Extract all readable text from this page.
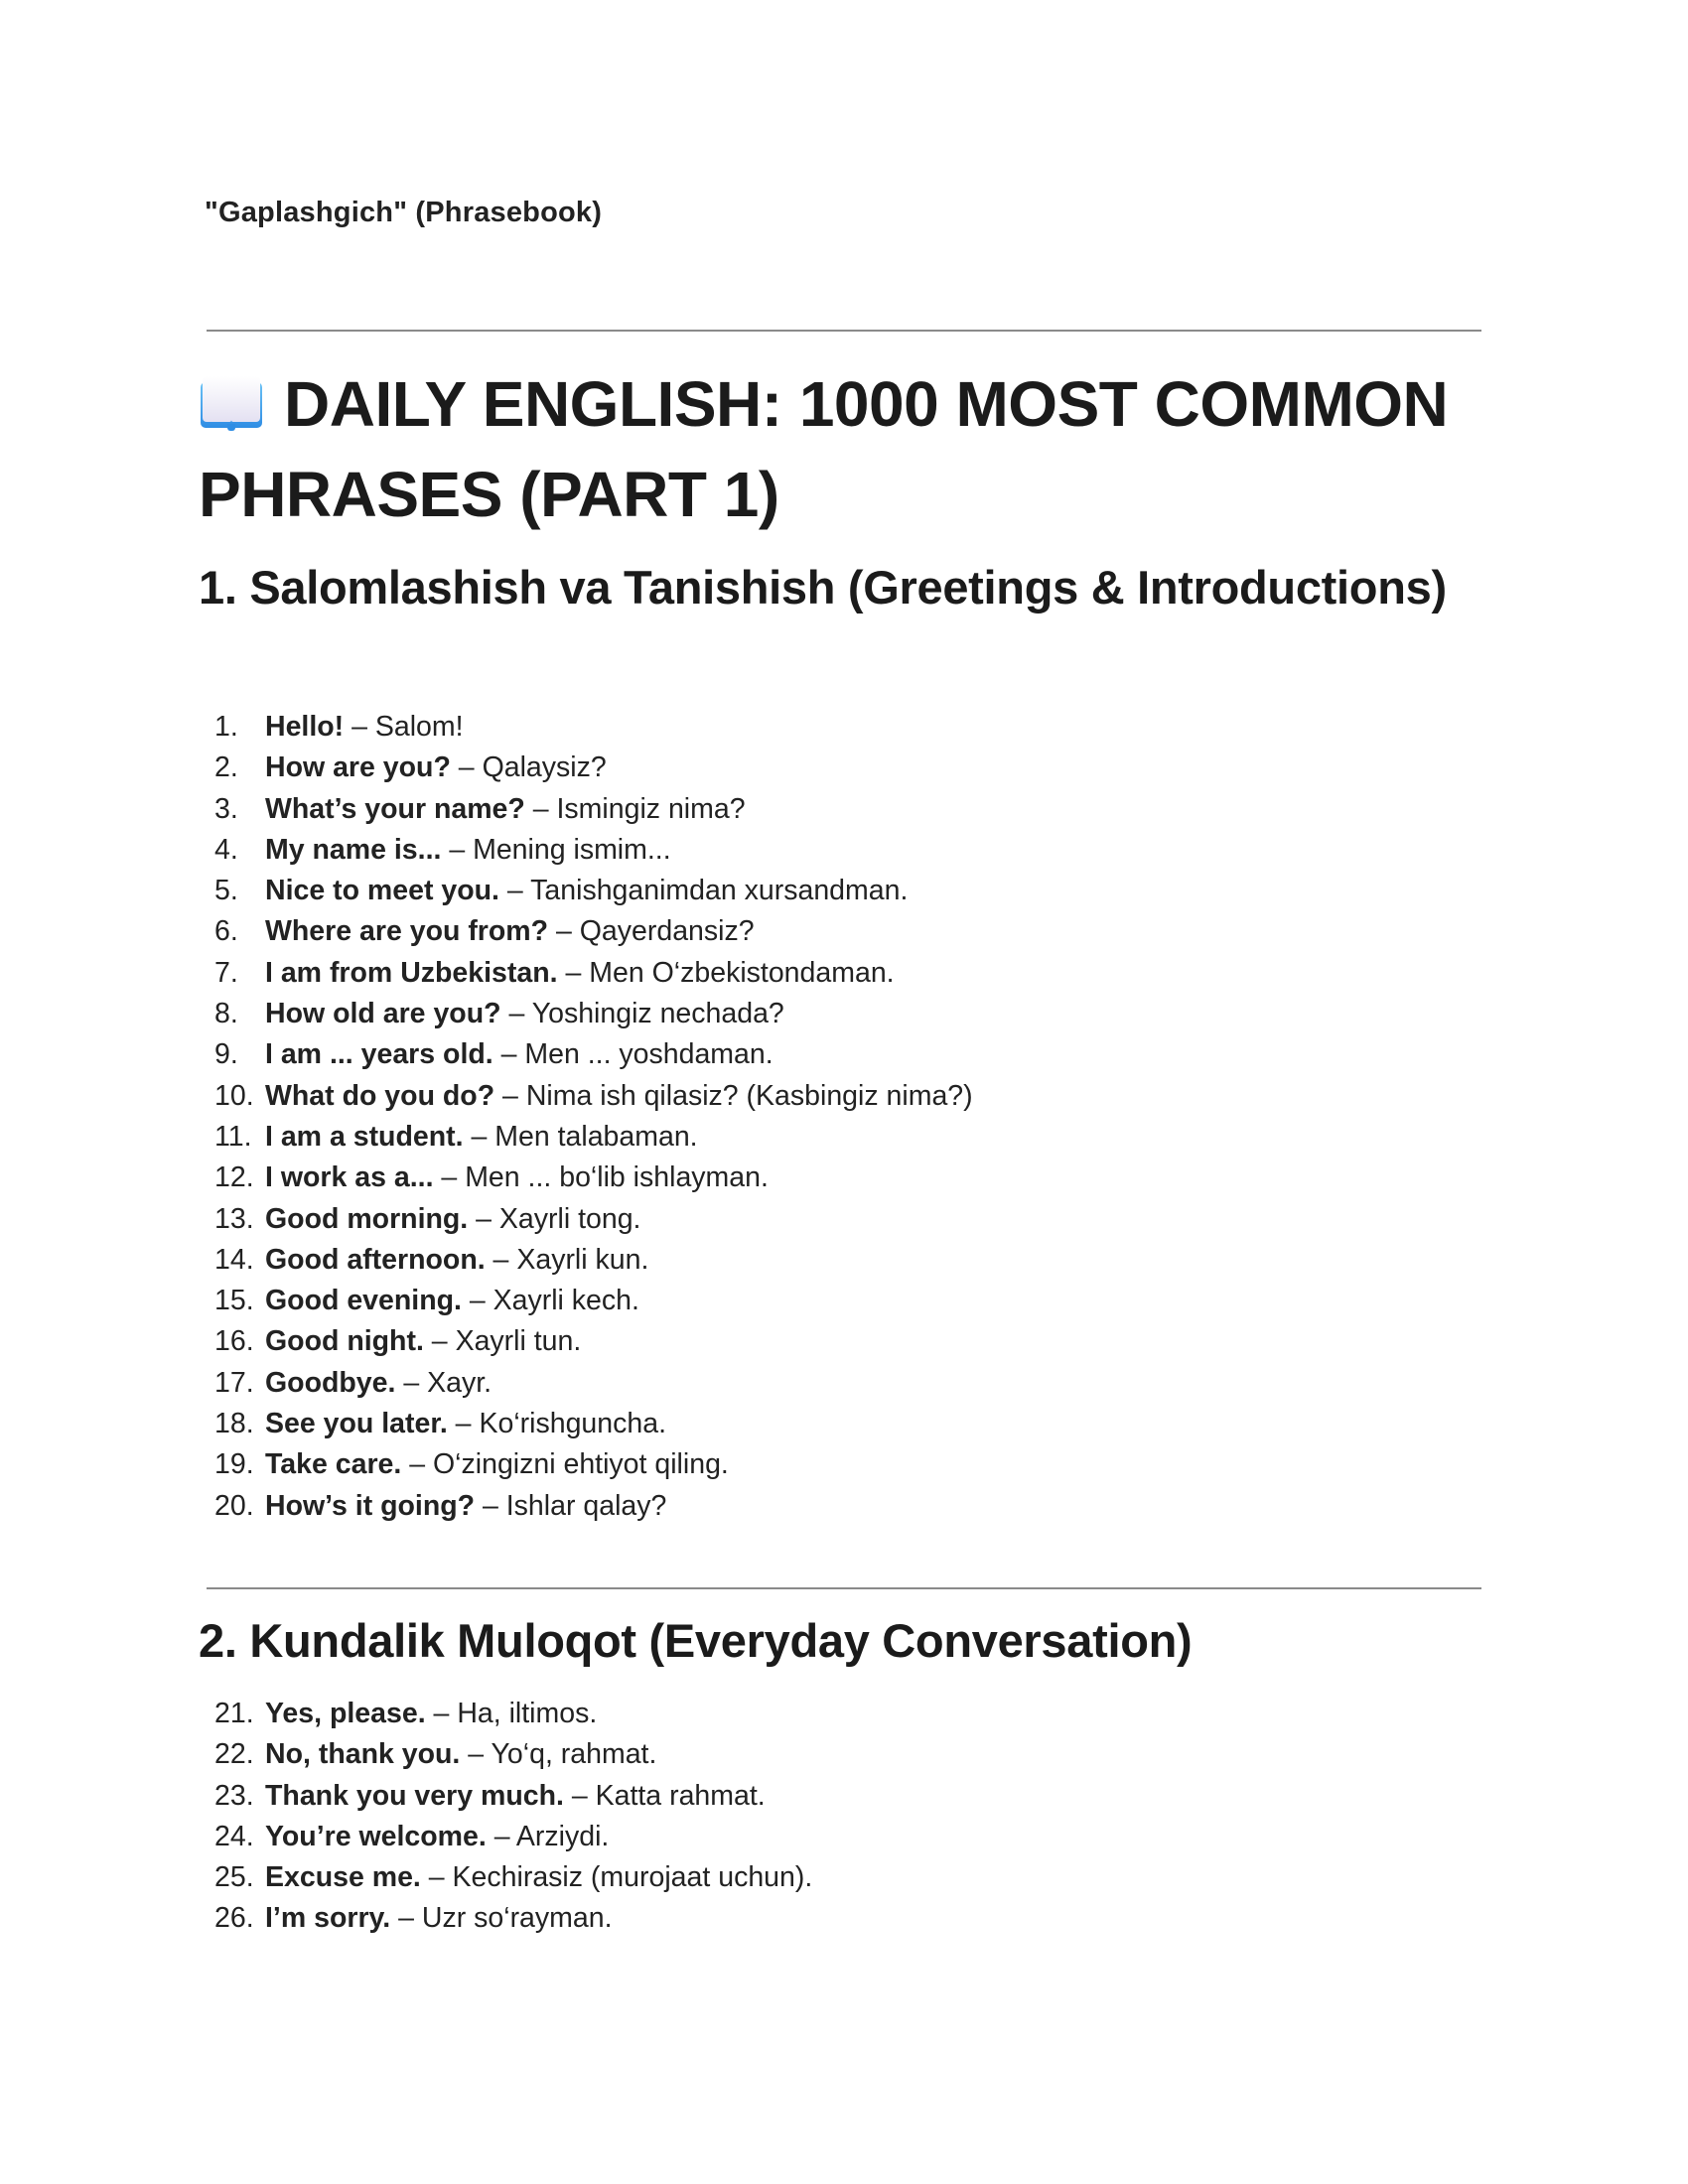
"Gaplashgich" (Phrasebook)
DAILY ENGLISH: 1000 MOST COMMON PHRASES (PART 1)
1. Salomlashish va Tanishish (Greetings & Introductions)
1. Hello! – Salom!
2. How are you? – Qalaysiz?
3. What’s your name? – Ismingiz nima?
4. My name is... – Mening ismim...
5. Nice to meet you. – Tanishganimdan xursandman.
6. Where are you from? – Qayerdansiz?
7. I am from Uzbekistan. – Men O‘zbekistondaman.
8. How old are you? – Yoshingiz nechada?
9. I am ... years old. – Men ... yoshdaman.
10. What do you do? – Nima ish qilasiz? (Kasbingiz nima?)
11. I am a student. – Men talabaman.
12. I work as a... – Men ... bo‘lib ishlayman.
13. Good morning. – Xayrli tong.
14. Good afternoon. – Xayrli kun.
15. Good evening. – Xayrli kech.
16. Good night. – Xayrli tun.
17. Goodbye. – Xayr.
18. See you later. – Ko‘rishguncha.
19. Take care. – O‘zingizni ehtiyot qiling.
20. How’s it going? – Ishlar qalay?
2. Kundalik Muloqot (Everyday Conversation)
21. Yes, please. – Ha, iltimos.
22. No, thank you. – Yo‘q, rahmat.
23. Thank you very much. – Katta rahmat.
24. You’re welcome. – Arziydi.
25. Excuse me. – Kechirasiz (murojaat uchun).
26. I’m sorry. – Uzr so‘rayman.
